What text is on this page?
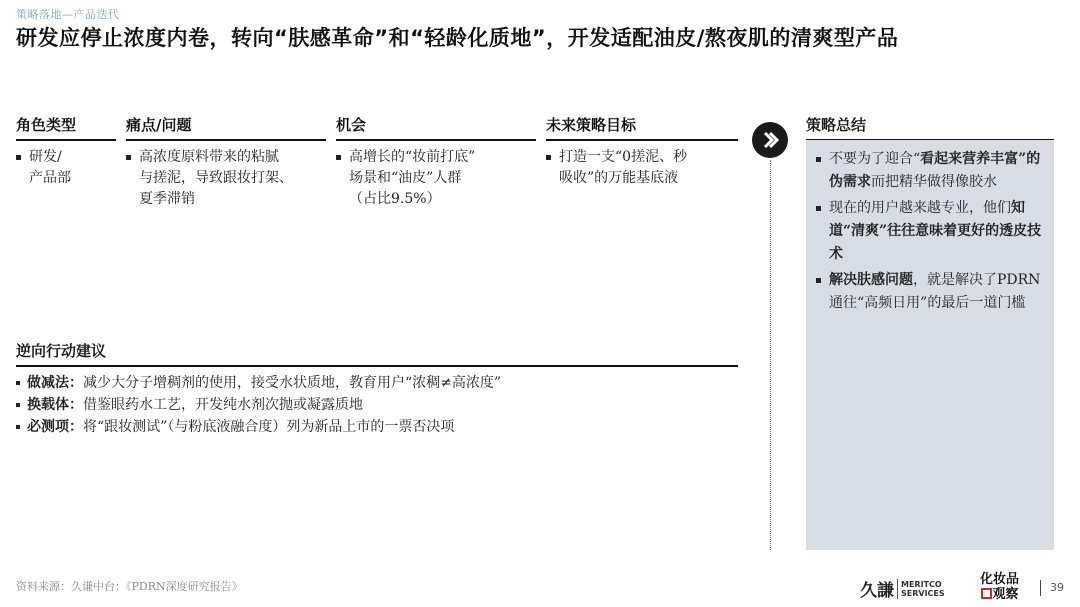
策略落地—产品迭代
研发应停止浓度内卷，转向“肤感革命”和“轻龄化质地”，开发适配油皮/熬夜肌的清爽型产品
角色类型
研发/
产品部
痛点/问题
高浓度原料带来的粘腻
与搓泥，导致跟妆打架、
夏季滞销
机会
高增长的“妆前打底”
场景和“油皮”人群
（占比9.5%）
未来策略目标
打造一支“0搓泥、秒
吸收”的万能基底液
策略总结
不要为了迎合“看起来营养丰富”的伪需求而把精华做得像胶水
现在的用户越来越专业，他们知道“清爽”往往意味着更好的透皮技术
解决肤感问题，就是解决了PDRN通往“高频日用”的最后一道门槛
逆向行动建议
做减法：减少大分子增稠剂的使用，接受水状质地，教育用户“浓稠≠高浓度”
换载体：借鉴眼药水工艺，开发纯水剂次抛或凝露质地
必测项：将“跟妆测试”（与粉底液融合度）列为新品上市的一票否决项
资料来源：久谦中台：《PDRN深度研究报告》	久謙 MERITCO
SERVICES
化妆品
观察	39
